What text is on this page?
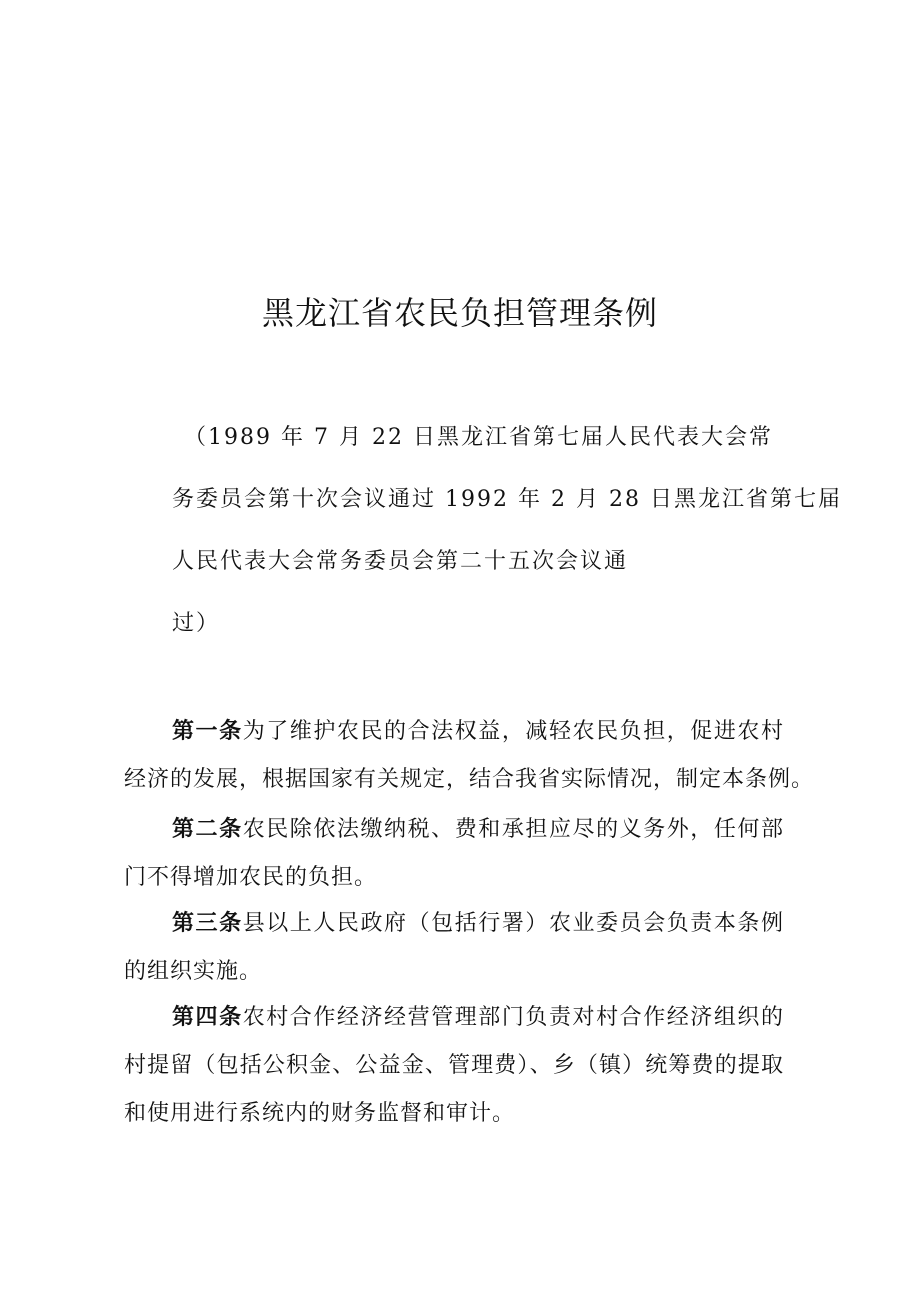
黑龙江省农民负担管理条例
（1989 年 7 月 22 日黑龙江省第七届人民代表大会常
务委员会第十次会议通过 1992 年 2 月 28 日黑龙江省第七届
人民代表大会常务委员会第二十五次会议通
过）
第一条为了维护农民的合法权益，减轻农民负担，促进农村
经济的发展，根据国家有关规定，结合我省实际情况，制定本条例。
第二条农民除依法缴纳税、费和承担应尽的义务外，任何部
门不得增加农民的负担。
第三条县以上人民政府（包括行署）农业委员会负责本条例
的组织实施。
第四条农村合作经济经营管理部门负责对村合作经济组织的
村提留（包括公积金、公益金、管理费）、乡（镇）统筹费的提取
和使用进行系统内的财务监督和审计。
